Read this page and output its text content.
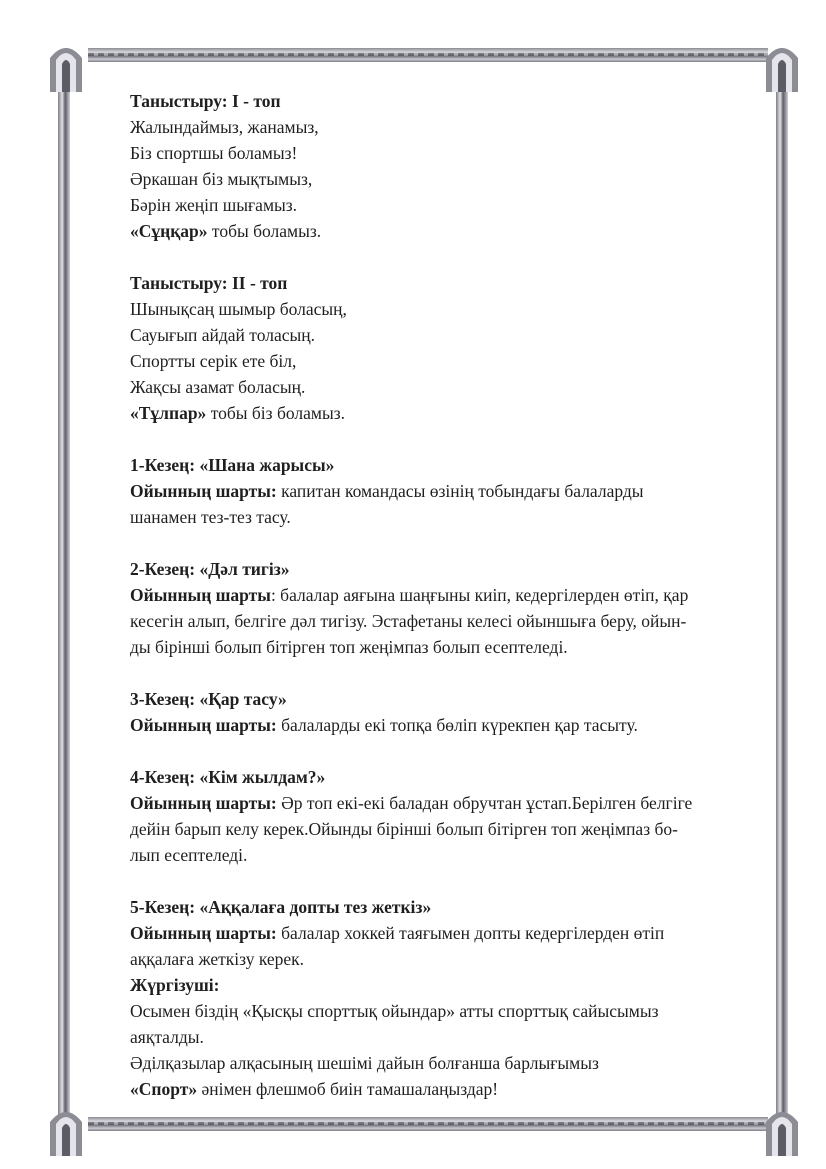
Таныстыру: I - топ
Жалындаймыз, жанамыз,
Біз спортшы боламыз!
Әркашан біз мықтымыз,
Бәрін жеңіп шығамыз.
«Сұңқар» тобы боламыз.
Таныстыру: II - топ
Шынықсаң шымыр боласың,
Сауығып айдай толасың.
Спортты серік ете біл,
Жақсы азамат боласың.
«Тұлпар» тобы біз боламыз.
1-Кезең: «Шана жарысы»
Ойынның шарты: капитан командасы өзінің тобындағы балаларды
шанамен тез-тез тасу.
2-Кезең: «Дәл тигіз»
Ойынның шарты: балалар аяғына шаңғыны киіп, кедергілерден өтіп, қар
кесегін алып, белгіге дәл тигізу. Эстафетаны келесі ойыншыға беру, ойын-
ды бірінші болып бітірген топ жеңімпаз болып есептеледі.
3-Кезең: «Қар тасу»
Ойынның шарты: балаларды екі топқа бөліп күрекпен қар тасыту.
4-Кезең: «Кім жылдам?»
Ойынның шарты: Әр топ екі-екі баладан обручтан ұстап.Берілген белгіге
дейін барып келу керек.Ойынды бірінші болып бітірген топ жеңімпаз бо-
лып есептеледі.
5-Кезең: «Аққалаға допты тез жеткіз»
Ойынның шарты: балалар хоккей таяғымен допты кедергілерден өтіп
аққалаға жеткізу керек.
Жүргізуші:
Осымен біздің «Қысқы спорттық ойындар» атты спорттық сайысымыз
аяқталды.
Әділқазылар алқасының шешімі дайын болғанша барлығымыз
«Спорт» әнімен флешмоб биін тамашалаңыздар!
